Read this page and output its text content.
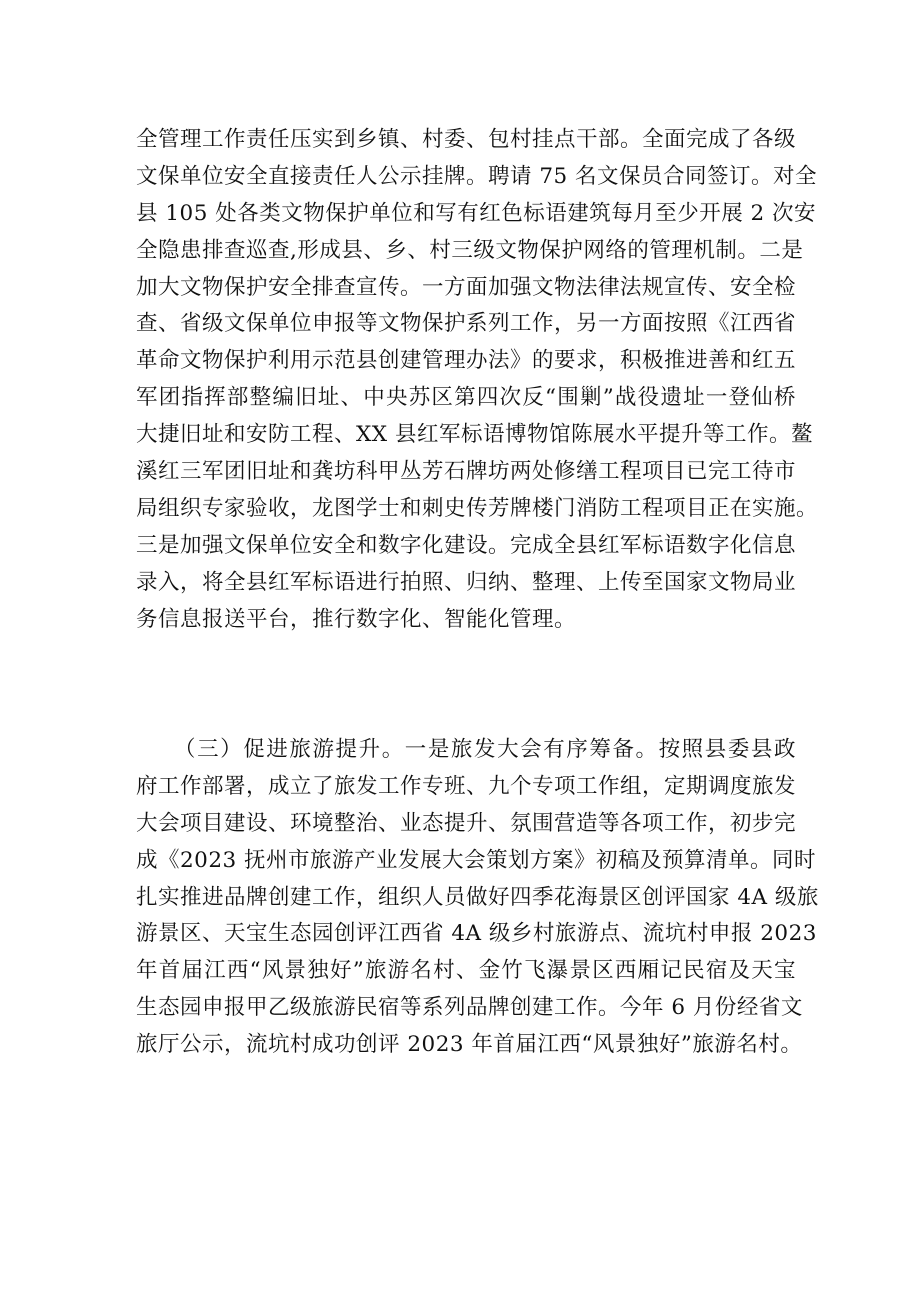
全管理工作责任压实到乡镇、村委、包村挂点干部。全面完成了各级
文保单位安全直接责任人公示挂牌。聘请 75 名文保员合同签订。对全
县 105 处各类文物保护单位和写有红色标语建筑每月至少开展 2 次安
全隐患排查巡查,形成县、乡、村三级文物保护网络的管理机制。二是
加大文物保护安全排查宣传。一方面加强文物法律法规宣传、安全检
查、省级文保单位申报等文物保护系列工作，另一方面按照《江西省
革命文物保护利用示范县创建管理办法》的要求，积极推进善和红五
军团指挥部整编旧址、中央苏区第四次反“围剿”战役遗址一登仙桥
大捷旧址和安防工程、XX 县红军标语博物馆陈展水平提升等工作。鳌
溪红三军团旧址和龚坊科甲丛芳石牌坊两处修缮工程项目已完工待市
局组织专家验收，龙图学士和刺史传芳牌楼门消防工程项目正在实施。
三是加强文保单位安全和数字化建设。完成全县红军标语数字化信息
录入，将全县红军标语进行拍照、归纳、整理、上传至国家文物局业
务信息报送平台，推行数字化、智能化管理。
（三）促进旅游提升。一是旅发大会有序筹备。按照县委县政
府工作部署，成立了旅发工作专班、九个专项工作组，定期调度旅发
大会项目建设、环境整治、业态提升、氛围营造等各项工作，初步完
成《2023 抚州市旅游产业发展大会策划方案》初稿及预算清单。同时
扎实推进品牌创建工作，组织人员做好四季花海景区创评国家 4A 级旅
游景区、天宝生态园创评江西省 4A 级乡村旅游点、流坑村申报 2023
年首届江西“风景独好”旅游名村、金竹飞瀑景区西厢记民宿及天宝
生态园申报甲乙级旅游民宿等系列品牌创建工作。今年 6 月份经省文
旅厅公示，流坑村成功创评 2023 年首届江西“风景独好”旅游名村。
